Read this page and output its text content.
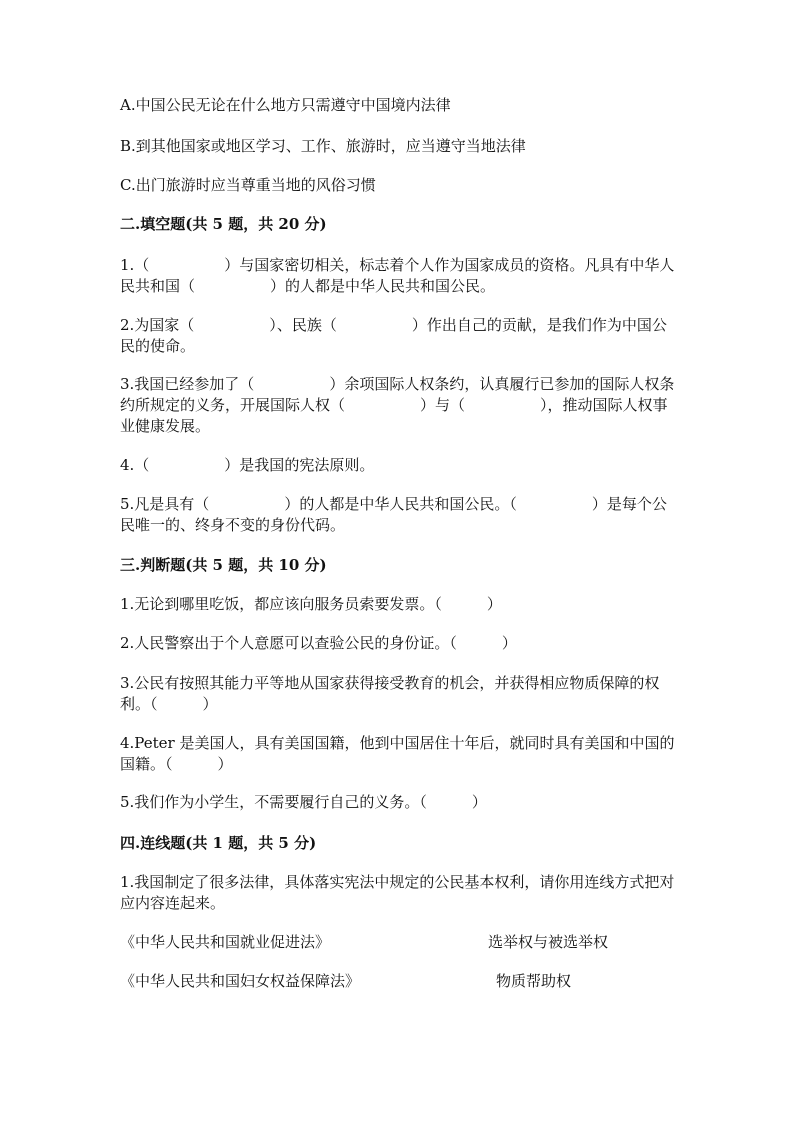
A.中国公民无论在什么地方只需遵守中国境内法律
B.到其他国家或地区学习、工作、旅游时，应当遵守当地法律
C.出门旅游时应当尊重当地的风俗习惯
二.填空题(共 5 题，共 20 分)
1.（　　　　　）与国家密切相关，标志着个人作为国家成员的资格。凡具有中华人民共和国（　　　　　）的人都是中华人民共和国公民。
2.为国家（　　　　　）、民族（　　　　　）作出自己的贡献，是我们作为中国公民的使命。
3.我国已经参加了（　　　　　）余项国际人权条约，认真履行已参加的国际人权条约所规定的义务，开展国际人权（　　　　　）与（　　　　　），推动国际人权事业健康发展。
4.（　　　　　）是我国的宪法原则。
5.凡是具有（　　　　　）的人都是中华人民共和国公民。（　　　　　）是每个公民唯一的、终身不变的身份代码。
三.判断题(共 5 题，共 10 分)
1.无论到哪里吃饭，都应该向服务员索要发票。（　　　）
2.人民警察出于个人意愿可以查验公民的身份证。（　　　）
3.公民有按照其能力平等地从国家获得接受教育的机会，并获得相应物质保障的权利。（　　　）
4.Peter 是美国人，具有美国国籍，他到中国居住十年后，就同时具有美国和中国的国籍。（　　　）
5.我们作为小学生，不需要履行自己的义务。（　　　）
四.连线题(共 1 题，共 5 分)
1.我国制定了很多法律，具体落实宪法中规定的公民基本权利，请你用连线方式把对应内容连起来。
《中华人民共和国就业促进法》	选举权与被选举权
《中华人民共和国妇女权益保障法》	物质帮助权
